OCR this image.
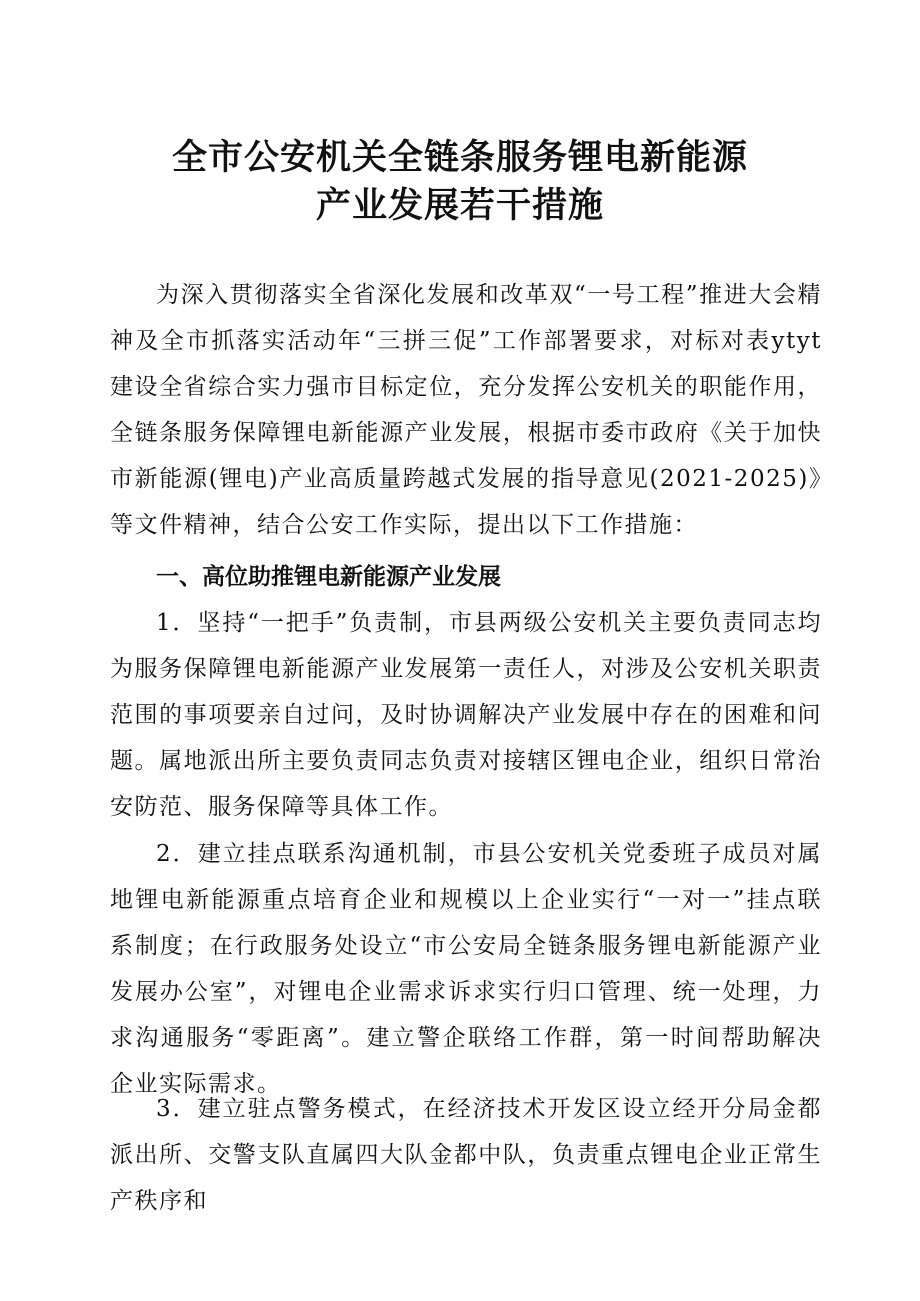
全市公安机关全链条服务锂电新能源
产业发展若干措施

为深入贯彻落实全省深化发展和改革双“一号工程”推进大会精神及全市抓落实活动年“三拼三促”工作部署要求，对标对表ytyt建设全省综合实力强市目标定位，充分发挥公安机关的职能作用，全链条服务保障锂电新能源产业发展，根据市委市政府《关于加快市新能源(锂电)产业高质量跨越式发展的指导意见(2021-2025)》等文件精神，结合公安工作实际，提出以下工作措施：

一、高位助推锂电新能源产业发展

1．坚持“一把手”负责制，市县两级公安机关主要负责同志均为服务保障锂电新能源产业发展第一责任人，对涉及公安机关职责范围的事项要亲自过问，及时协调解决产业发展中存在的困难和问题。属地派出所主要负责同志负责对接辖区锂电企业，组织日常治安防范、服务保障等具体工作。

2．建立挂点联系沟通机制，市县公安机关党委班子成员对属地锂电新能源重点培育企业和规模以上企业实行“一对一”挂点联系制度；在行政服务处设立“市公安局全链条服务锂电新能源产业发展办公室”，对锂电企业需求诉求实行归口管理、统一处理，力求沟通服务“零距离”。建立警企联络工作群，第一时间帮助解决企业实际需求。

3．建立驻点警务模式，在经济技术开发区设立经开分局金都派出所、交警支队直属四大队金都中队，负责重点锂电企业正常生产秩序和
